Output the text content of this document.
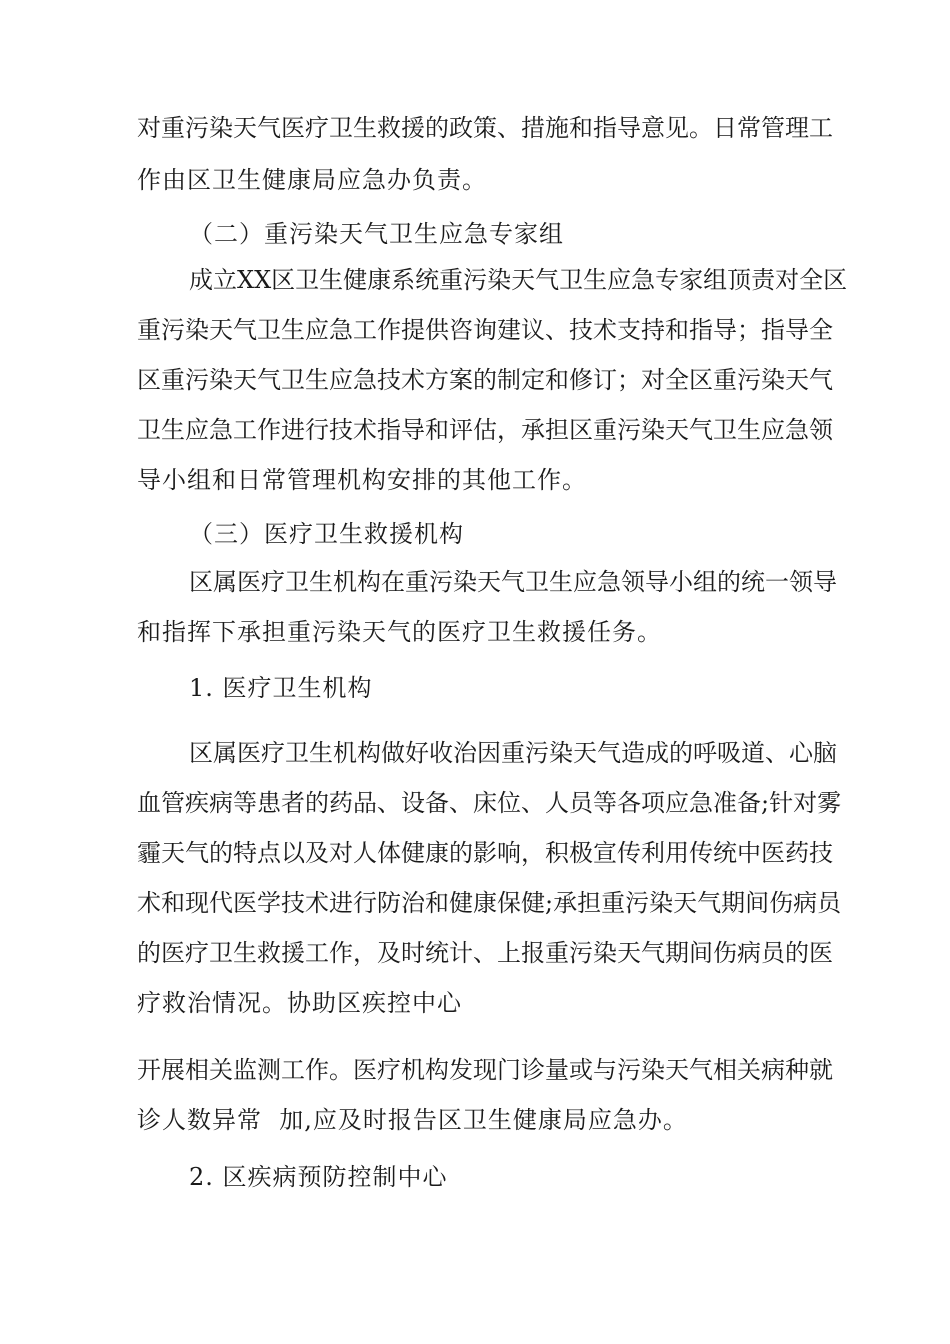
对重污染天气医疗卫生救援的政策、措施和指导意见。日常管理工
作由区卫生健康局应急办负责。
（二）重污染天气卫生应急专家组
成立XX区卫生健康系统重污染天气卫生应急专家组顶责对全区
重污染天气卫生应急工作提供咨询建议、技术支持和指导；指导全
区重污染天气卫生应急技术方案的制定和修订；对全区重污染天气
卫生应急工作进行技术指导和评估，承担区重污染天气卫生应急领
导小组和日常管理机构安排的其他工作。
（三）医疗卫生救援机构
区属医疗卫生机构在重污染天气卫生应急领导小组的统一领导
和指挥下承担重污染天气的医疗卫生救援任务。
1. 医疗卫生机构
区属医疗卫生机构做好收治因重污染天气造成的呼吸道、心脑
血管疾病等患者的药品、设备、床位、人员等各项应急准备;针对雾
霾天气的特点以及对人体健康的影响，积极宣传利用传统中医药技
术和现代医学技术进行防治和健康保健;承担重污染天气期间伤病员
的医疗卫生救援工作，及时统计、上报重污染天气期间伤病员的医
疗救治情况。协助区疾控中心
开展相关监测工作。医疗机构发现门诊量或与污染天气相关病种就
诊人数异常  加,应及时报告区卫生健康局应急办。
2. 区疾病预防控制中心
